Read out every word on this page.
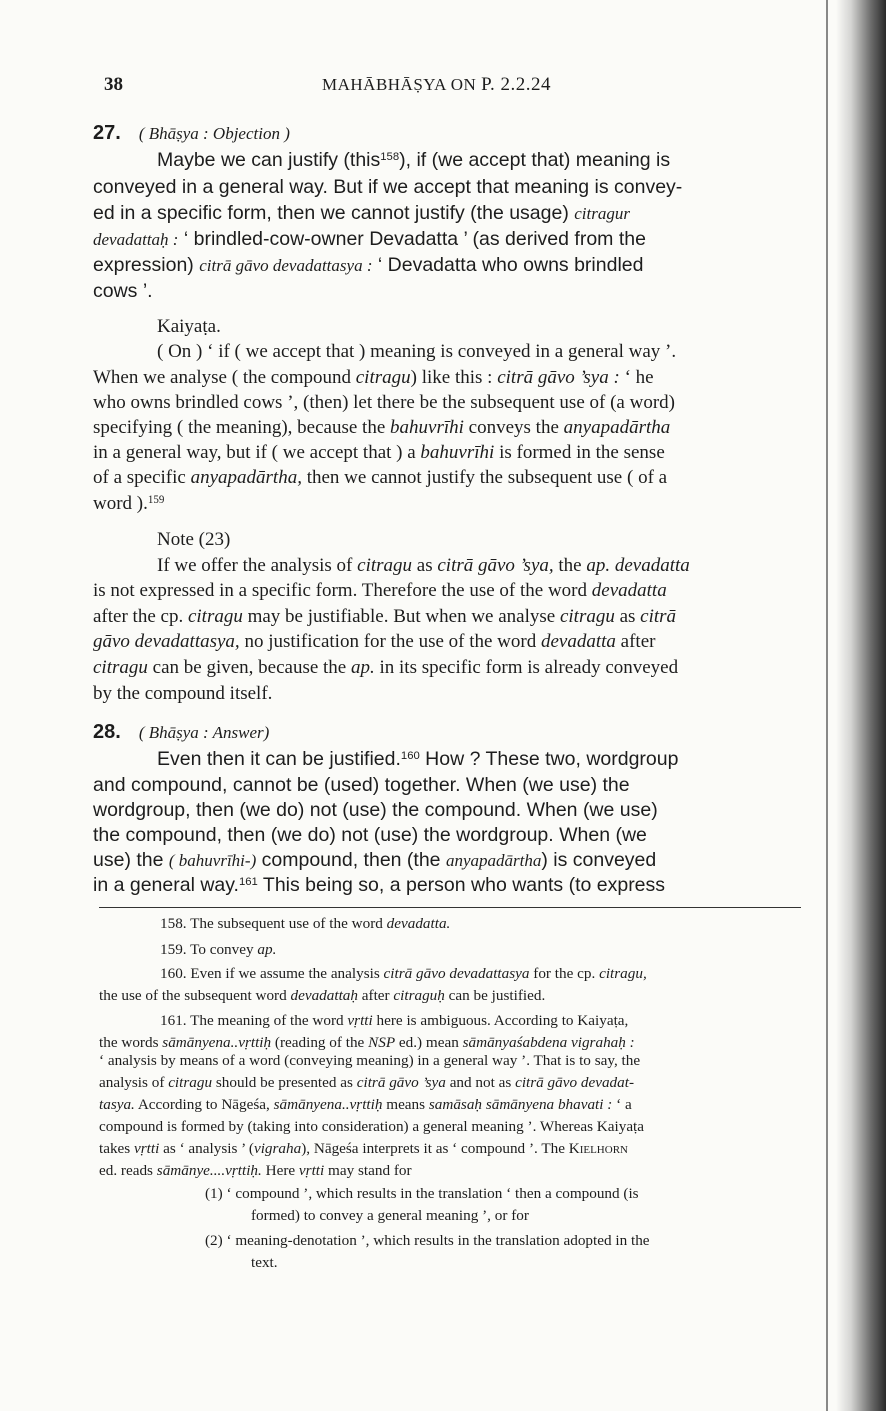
38	MAHĀBHĀṢYA ON P. 2.2.24
27. ( Bhāṣya : Objection )
Maybe we can justify (this$^{158}$), if (we accept that) meaning is
conveyed in a general way. But if we accept that meaning is convey-
ed in a specific form, then we cannot justify (the usage) citragur
devadattaḥ : ‘ brindled-cow-owner Devadatta ’ (as derived from the
expression) citrā gāvo devadattasya : ‘ Devadatta who owns brindled
cows ’.
Kaiyaṭa.
( On ) ‘ if ( we accept that ) meaning is conveyed in a general way ’.
When we analyse ( the compound citragu) like this : citrā gāvo ’sya : ‘ he
who owns brindled cows ’, (then) let there be the subsequent use of (a word)
specifying ( the meaning), because the bahuvrīhi conveys the anyapadārtha
in a general way, but if ( we accept that ) a bahuvrīhi is formed in the sense
of a specific anyapadārtha, then we cannot justify the subsequent use ( of a
word ).$^{159}$
Note (23)
If we offer the analysis of citragu as citrā gāvo ’sya, the ap. devadatta
is not expressed in a specific form. Therefore the use of the word devadatta
after the cp. citragu may be justifiable. But when we analyse citragu as citrā
gāvo devadattasya, no justification for the use of the word devadatta after
citragu can be given, because the ap. in its specific form is already conveyed
by the compound itself.
28. ( Bhāṣya : Answer)
Even then it can be justified.$^{160}$ How ? These two, wordgroup
and compound, cannot be (used) together. When (we use) the
wordgroup, then (we do) not (use) the compound. When (we use)
the compound, then (we do) not (use) the wordgroup. When (we
use) the ( bahuvrīhi-) compound, then (the anyapadārtha) is conveyed
in a general way.$^{161}$ This being so, a person who wants (to express
158. The subsequent use of the word devadatta.
159. To convey ap.
160. Even if we assume the analysis citrā gāvo devadattasya for the cp. citragu,
the use of the subsequent word devadattaḥ after citraguḥ can be justified.
161. The meaning of the word vṛtti here is ambiguous. According to Kaiyaṭa,
the words sāmānyena..vṛttiḥ (reading of the NSP ed.) mean sāmānyaśabdena vigrahaḥ :
‘ analysis by means of a word (conveying meaning) in a general way ’. That is to say, the
analysis of citragu should be presented as citrā gāvo ’sya and not as citrā gāvo devadat-
tasya. According to Nāgeśa, sāmānyena..vṛttiḥ means samāsaḥ sāmānyena bhavati : ‘ a
compound is formed by (taking into consideration) a general meaning ’. Whereas Kaiyaṭa
takes vṛtti as ‘ analysis ’ (vigraha), Nāgeśa interprets it as ‘ compound ’. The Kielhorn
ed. reads sāmānye....vṛttiḥ. Here vṛtti may stand for
(1) ‘ compound ’, which results in the translation ‘ then a compound (is
formed) to convey a general meaning ’, or for
(2) ‘ meaning-denotation ’, which results in the translation adopted in the
text.
